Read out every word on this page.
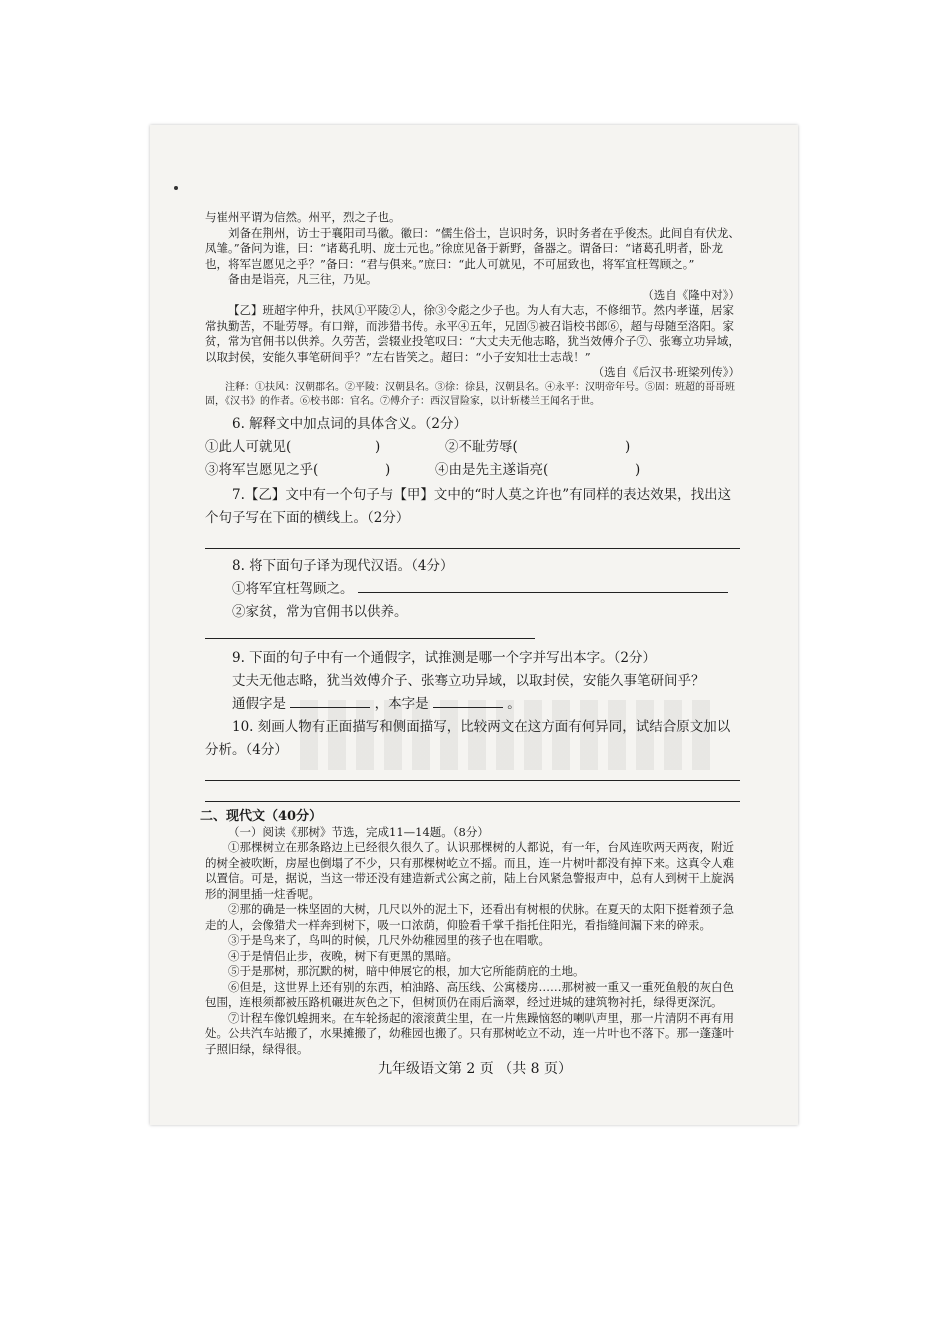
与崔州平谓为信然。州平，烈之子也。

刘备在荆州，访士于襄阳司马徽。徽曰：“儒生俗士，岂识时务，识时务者在乎俊杰。此间自有伏龙、凤雏。”备问为谁，曰：“诸葛孔明、庞士元也。”徐庶见备于新野，备器之。谓备曰：“诸葛孔明者，卧龙也，将军岂愿见之乎？”备曰：“君与俱来。”庶曰：“此人可就见，不可屈致也，将军宜枉驾顾之。”

备由是诣亮，凡三往，乃见。

（选自《隆中对》）

【乙】班超字仲升，扶风①平陵②人，徐③令彪之少子也。为人有大志，不修细节。然内孝谨，居家常执勤苦，不耻劳辱。有口辩，而涉猎书传。永平④五年，兄固⑤被召诣校书郎⑥，超与母随至洛阳。家贫，常为官佣书以供养。久劳苦，尝辍业投笔叹曰：“大丈夫无他志略，犹当效傅介子⑦、张骞立功异域，以取封侯，安能久事笔研间乎？”左右皆笑之。超曰：“小子安知壮士志哉！”

（选自《后汉书·班梁列传》）

注释：①扶风：汉朝郡名。②平陵：汉朝县名。③徐：徐县，汉朝县名。④永平：汉明帝年号。⑤固：班超的哥哥班固，《汉书》的作者。⑥校书郎：官名。⑦傅介子：西汉冒险家，以计斩楼兰王闻名于世。

6. 解释文中加点词的具体含义。（2分）

①此人可就见(	)	②不耻劳辱(	)
③将军岂愿见之乎(	)	④由是先主遂诣亮(	)

7.【乙】文中有一个句子与【甲】文中的“时人莫之许也”有同样的表达效果，找出这个句子写在下面的横线上。（2分）

8. 将下面句子译为现代汉语。（4分）

①将军宜枉驾顾之。

②家贫，常为官佣书以供养。

9. 下面的句子中有一个通假字，试推测是哪一个字并写出本字。（2分）

丈夫无他志略，犹当效傅介子、张骞立功异域，以取封侯，安能久事笔研间乎？

通假字是	，本字是	。

10. 刻画人物有正面描写和侧面描写，比较两文在这方面有何异同，试结合原文加以分析。（4分）

二、现代文（40分）

（一）阅读《那树》节选，完成11—14题。（8分）

①那棵树立在那条路边上已经很久很久了。认识那棵树的人都说，有一年，台风连吹两天两夜，附近的树全被吹断，房屋也倒塌了不少，只有那棵树屹立不摇。而且，连一片树叶都没有掉下来。这真令人难以置信。可是，据说，当这一带还没有建造新式公寓之前，陆上台风紧急警报声中，总有人到树干上旋涡形的洞里插一炷香呢。

②那的确是一株坚固的大树，几尺以外的泥土下，还看出有树根的伏脉。在夏天的太阳下挺着颈子急走的人，会像猎犬一样奔到树下，吸一口浓荫，仰脸看千掌千指托住阳光，看指缝间漏下来的碎汞。

③于是鸟来了，鸟叫的时候，几尺外幼稚园里的孩子也在唱歌。

④于是情侣止步，夜晚，树下有更黑的黑暗。

⑤于是那树，那沉默的树，暗中伸展它的根，加大它所能荫庇的土地。

⑥但是，这世界上还有别的东西，柏油路、高压线、公寓楼房……那树被一重又一重死鱼般的灰白色包围，连根须都被压路机碾进灰色之下，但树顶仍在雨后滴翠，经过进城的建筑物衬托，绿得更深沉。

⑦计程车像饥蝗拥来。在车轮扬起的滚滚黄尘里，在一片焦躁恼怒的喇叭声里，那一片清阴不再有用处。公共汽车站搬了，水果摊搬了，幼稚园也搬了。只有那树屹立不动，连一片叶也不落下。那一蓬蓬叶子照旧绿，绿得很。

九年级语文第 2 页 （共 8 页）
